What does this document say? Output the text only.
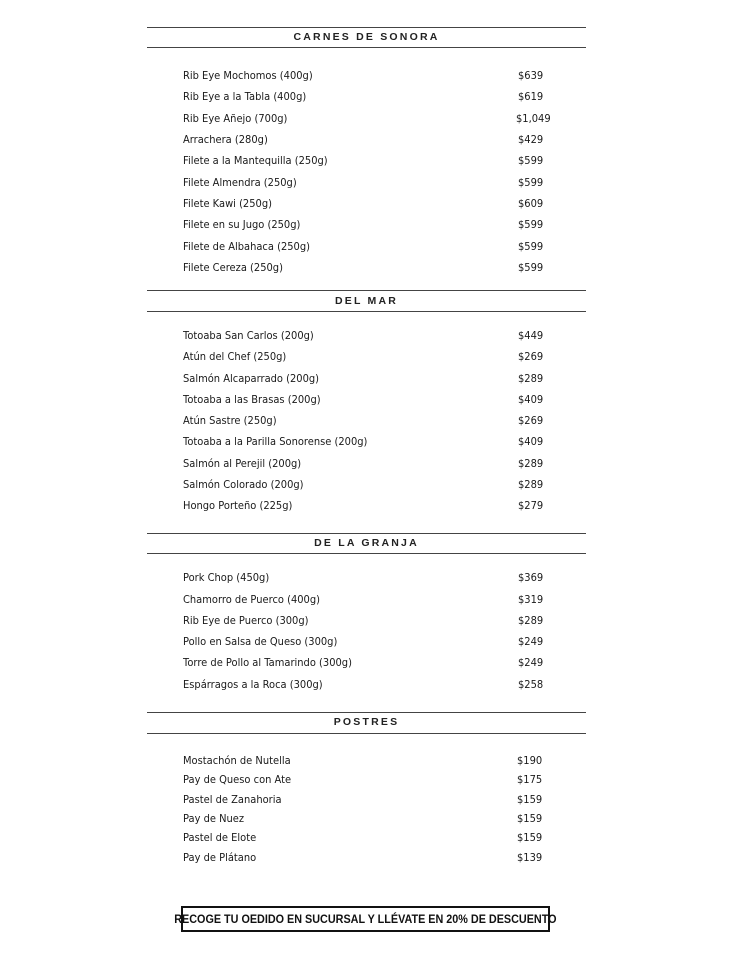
CARNES DE SONORA
Rib Eye Mochomos (400g)	$639
Rib Eye a la Tabla (400g)	$619
Rib Eye Añejo (700g)	$1,049
Arrachera (280g)	$429
Filete a la Mantequilla (250g)	$599
Filete Almendra (250g)	$599
Filete Kawi (250g)	$609
Filete en su Jugo (250g)	$599
Filete de Albahaca (250g)	$599
Filete Cereza (250g)	$599
DEL MAR
Totoaba San Carlos (200g)	$449
Atún del Chef (250g)	$269
Salmón Alcaparrado (200g)	$289
Totoaba a las Brasas (200g)	$409
Atún Sastre (250g)	$269
Totoaba a la Parilla Sonorense (200g)	$409
Salmón al Perejil (200g)	$289
Salmón Colorado (200g)	$289
Hongo Porteño (225g)	$279
DE LA GRANJA
Pork Chop (450g)	$369
Chamorro de Puerco (400g)	$319
Rib Eye de Puerco (300g)	$289
Pollo en Salsa de Queso (300g)	$249
Torre de Pollo al Tamarindo (300g)	$249
Espárragos a la Roca (300g)	$258
POSTRES
Mostachón de Nutella	$190
Pay de Queso con Ate	$175
Pastel de Zanahoria	$159
Pay de Nuez	$159
Pastel de Elote	$159
Pay de Plátano	$139
RECOGE TU OEDIDO EN SUCURSAL Y LLÉVATE EN 20% DE DESCUENTO
